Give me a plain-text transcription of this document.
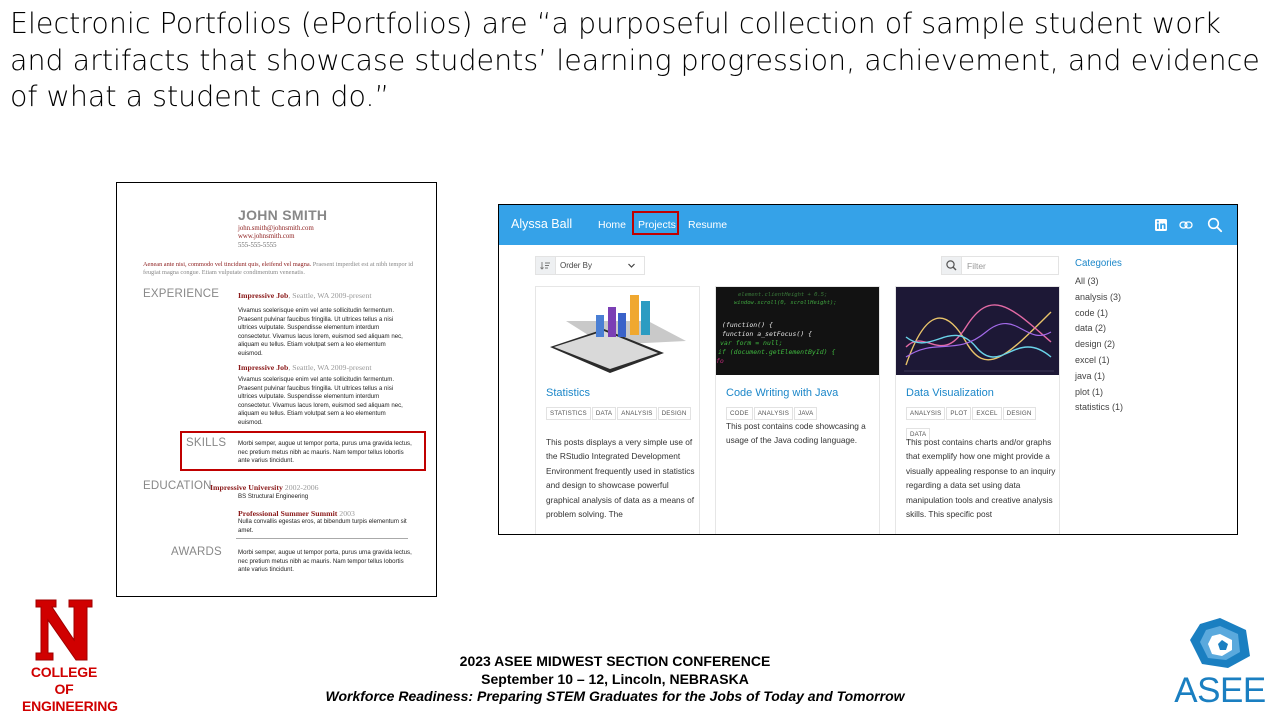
Electronic Portfolios (ePortfolios) are “a purposeful collection of sample student work and artifacts that showcase students’ learning progression, achievement, and evidence of what a student can do.”
JOHN SMITH
john.smith@johnsmith.com
www.johnsmith.com
555-555-5555
Aenean ante nisi, commodo vel tincidunt quis, eleifend vel magna. Praesent imperdiet est at nibh tempor id feugiat magna congue. Etiam vulputate condimentum venenatis.
EXPERIENCE Impressive Job, Seattle, WA 2009-present
Vivamus scelerisque enim vel ante sollicitudin fermentum. Praesent pulvinar faucibus fringilla. Ut ultrices tellus a nisi ultrices vulputate. Suspendisse elementum interdum consectetur. Vivamus lacus lorem, euismod sed aliquam nec, aliquam eu tellus. Etiam volutpat sem a leo elementum euismod.
Impressive Job, Seattle, WA 2009-present
Vivamus scelerisque enim vel ante sollicitudin fermentum. Praesent pulvinar faucibus fringilla. Ut ultrices tellus a nisi ultrices vulputate. Suspendisse elementum interdum consectetur. Vivamus lacus lorem, euismod sed aliquam nec, aliquam eu tellus. Etiam volutpat sem a leo elementum euismod.
SKILLS Morbi semper, augue ut tempor porta, purus urna gravida lectus, nec pretium metus nibh ac mauris. Nam tempor tellus lobortis ante varius tincidunt.
EDUCATION
Impressive University 2002-2006
BS Structural Engineering
Professional Summer Summit 2003
Nulla convallis egestas eros, at bibendum turpis elementum sit amet.
AWARDS	Morbi semper, augue ut tempor porta, purus urna gravida lectus, nec pretium metus nibh ac mauris. Nam tempor tellus lobortis ante varius tincidunt.
Alyssa Ball Home Projects Resume
Order By	Filter
Statistics
STATISTICS DATA ANALYSIS DESIGN
This posts displays a very simple use of the RStudio Integrated Development Environment frequently used in statistics and design to showcase powerful graphical analysis of data as a means of problem solving. The
element.clientHeight + 0.5;
window.scroll(0, scrollHeight);
(function() {
function a_setFocus() {
var form = null;
if (document.getElementById) {
fo
Code Writing with Java
CODE ANALYSIS JAVA
This post contains code showcasing a usage of the Java coding language.
Data Visualization
ANALYSIS PLOT EXCEL DESIGNDATA
This post contains charts and/or graphs that exemplify how one might provide a visually appealing response to an inquiry regarding a data set using data manipulation tools and creative analysis skills. This specific post
Categories
All (3)
analysis (3)
code (1)
data (2)
design (2)
excel (1)
java (1)
plot (1)
statistics (1)
COLLEGE OF
ENGINEERING
2023 ASEE MIDWEST SECTION CONFERENCE
September 10 – 12, Lincoln, NEBRASKA
Workforce Readiness: Preparing STEM Graduates for the Jobs of Today and Tomorrow	ASEE
